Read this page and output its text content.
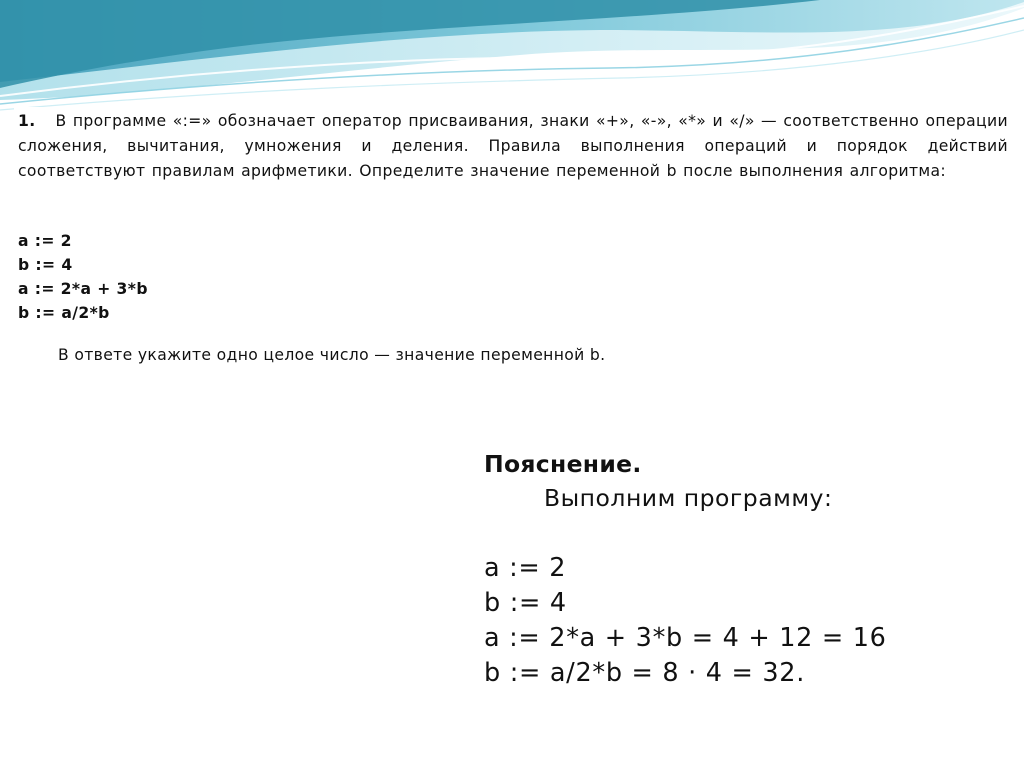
1. В программе «:=» обозначает оператор присваивания, знаки «+», «-», «*» и «/» — соответственно операции сложения, вычитания, умножения и деления. Правила выполнения операций и порядок действий соответствуют правилам арифметики. Определите значение переменной b после выполнения алгоритма:

a := 2
b := 4
a := 2*a + 3*b
b := a/2*b

В ответе укажите одно целое число — значение переменной b.

Пояснение.

Выполним программу:

a := 2
b := 4
a := 2*a + 3*b = 4 + 12 = 16
b := a/2*b = 8 · 4 = 32.
